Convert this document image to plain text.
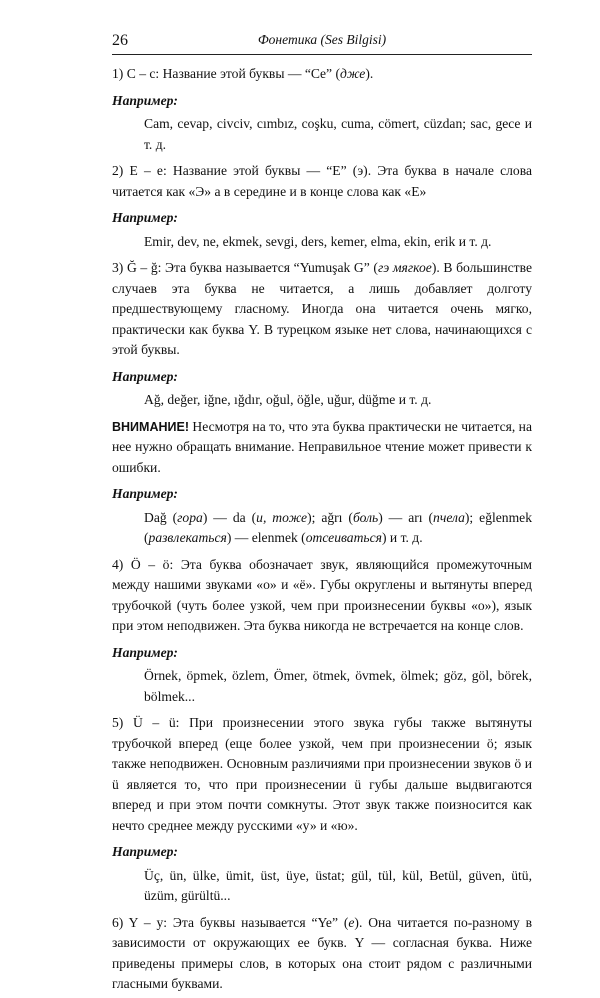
26	Фонетика (Ses Bilgisi)

1) C – c: Название этой буквы — “Ce” (дже).

Например:

Cam, cevap, civciv, cımbız, coşku, cuma, cömert, cüzdan; sac, gece и т. д.

2) E – e: Название этой буквы — “E” (э). Эта буква в начале слова читается как «Э» а в середине и в конце слова как «Е»

Например:

Emir, dev, ne, ekmek, sevgi, ders, kemer, elma, ekin, erik и т. д.

3) Ğ – ğ: Эта буква называется “Yumuşak G” (гэ мягкое). В большинстве случаев эта буква не читается, а лишь добавляет долготу предшествующему гласному. Иногда она читается очень мягко, практически как буква Y. В турецком языке нет слова, начинающихся с этой буквы.

Например:

Ağ, değer, iğne, ığdır, oğul, öğle, uğur, düğme и т. д.

ВНИМАНИЕ! Несмотря на то, что эта буква практически не читается, на нее нужно обращать внимание. Неправильное чтение может привести к ошибки.

Например:

Dağ (гора) — da (и, тоже); ağrı (боль) — arı (пчела); eğlenmek (развлекаться) — elenmek (отсеиваться) и т. д.

4) Ö – ö: Эта буква обозначает звук, являющийся промежуточным между нашими звуками «о» и «ё». Губы округлены и вытянуты вперед трубочкой (чуть более узкой, чем при произнесении буквы «о»), язык при этом неподвижен. Эта буква никогда не встречается на конце слов.

Например:

Örnek, öpmek, özlem, Ömer, ötmek, övmek, ölmek; göz, göl, börek, bölmek...

5) Ü – ü: При произнесении этого звука губы также вытянуты трубочкой вперед (еще более узкой, чем при произнесении ö; язык также неподвижен. Основным различиями при произнесении звуков ö и ü является то, что при произнесении ü губы дальше выдвигаются вперед и при этом почти сомкнуты. Этот звук также поизносится как нечто среднее между русскими «у» и «ю».

Например:

Üç, ün, ülke, ümit, üst, üye, üstat; gül, tül, kül, Betül, güven, ütü, üzüm, gürültü...

6) Y – y: Эта буквы называется “Ye” (е). Она читается по-разному в зависимости от окружающих ее букв. Y — согласная буква. Ниже приведены примеры слов, в которых она стоит рядом с различными гласными буквами.
